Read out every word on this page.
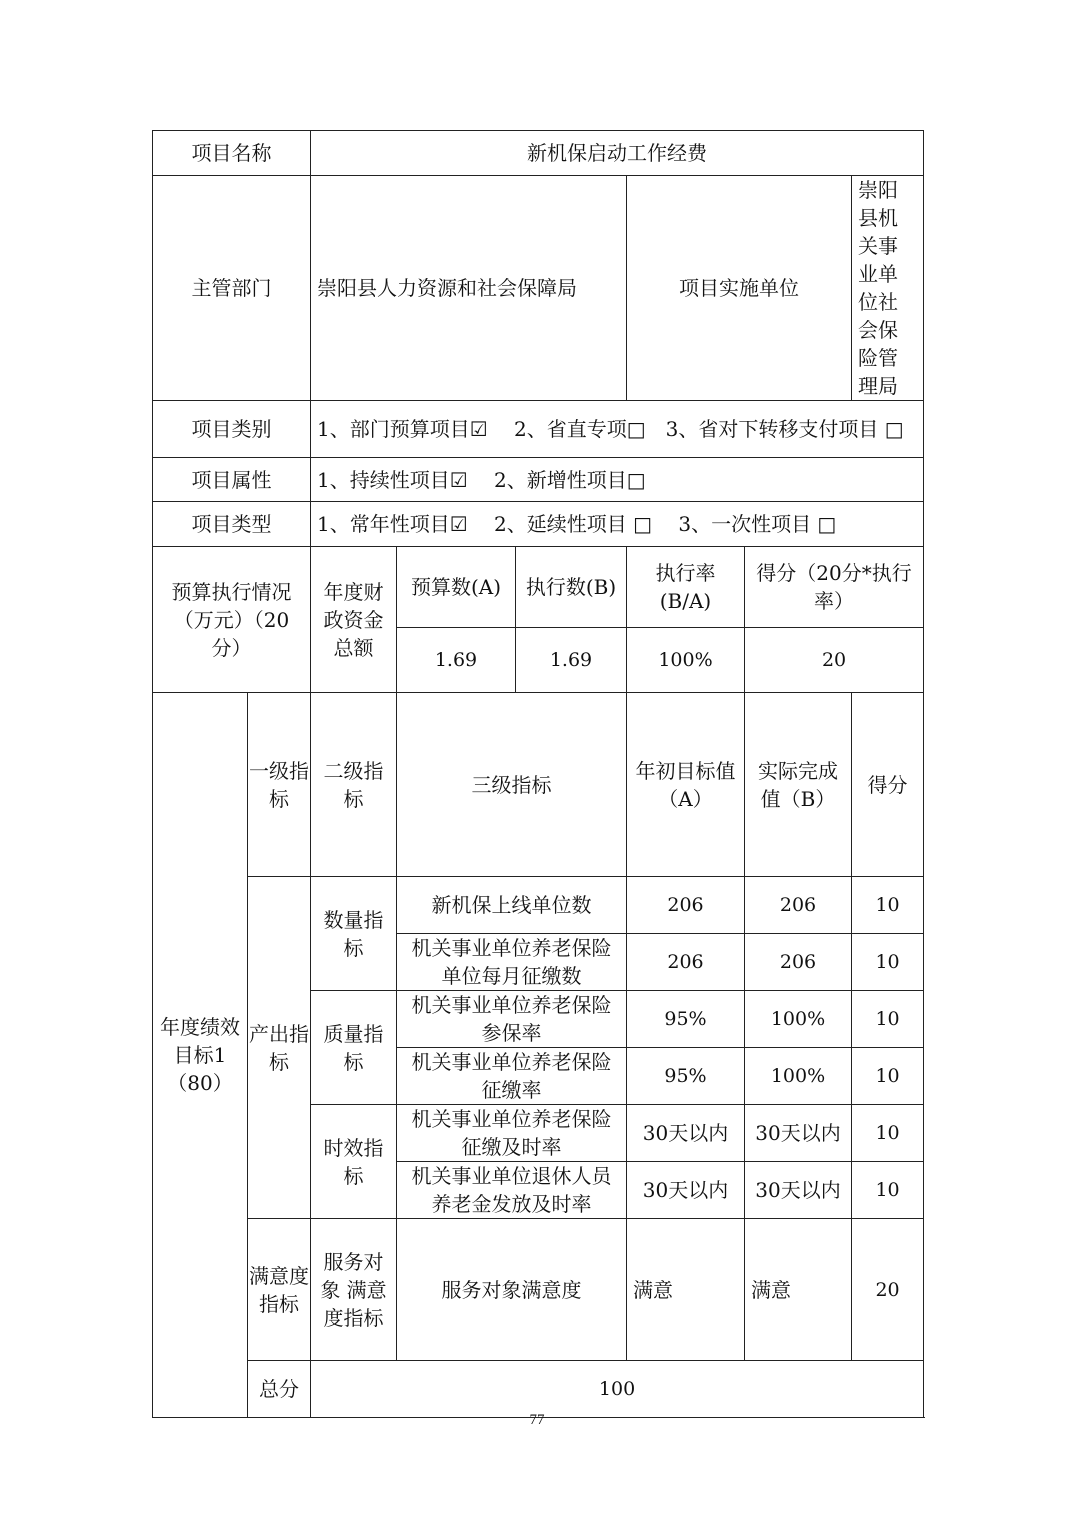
项目名称		新机保启动工作经费					
主管部门		崇阳县人力资源和社会保障局			项目实施单位		崇阳县机关事业单位社会保险管理局
项目类别		1、部门预算项目☑　 2、省直专项□　3、省对下转移支付项目 □					
项目属性		1、持续性项目☑　 2、新增性项目□					
项目类型		1、常年性项目☑　 2、延续性项目 □　 3、一次性项目 □					
预算执行情况（万元）（20分）		年度财政资金总额	预算数(A)	执行数(B)	执行率(B/A)	得分（20分*执行率）	
			1.69	1.69	100%	20	
年度绩效目标1（80）	一级指标	二级指标	三级指标		年初目标值（A）	实际完成值（B）	得分
	产出指标	数量指标	新机保上线单位数		206	206	10
			机关事业单位养老保险单位每月征缴数		206	206	10
		质量指标	机关事业单位养老保险参保率		95%	100%	10
			机关事业单位养老保险征缴率		95%	100%	10
		时效指标	机关事业单位养老保险征缴及时率		30天以内	30天以内	10
			机关事业单位退休人员养老金发放及时率		30天以内	30天以内	10
	满意度指标	服务对象 满意度指标	服务对象满意度		满意	满意	20
	总分	100					
77
